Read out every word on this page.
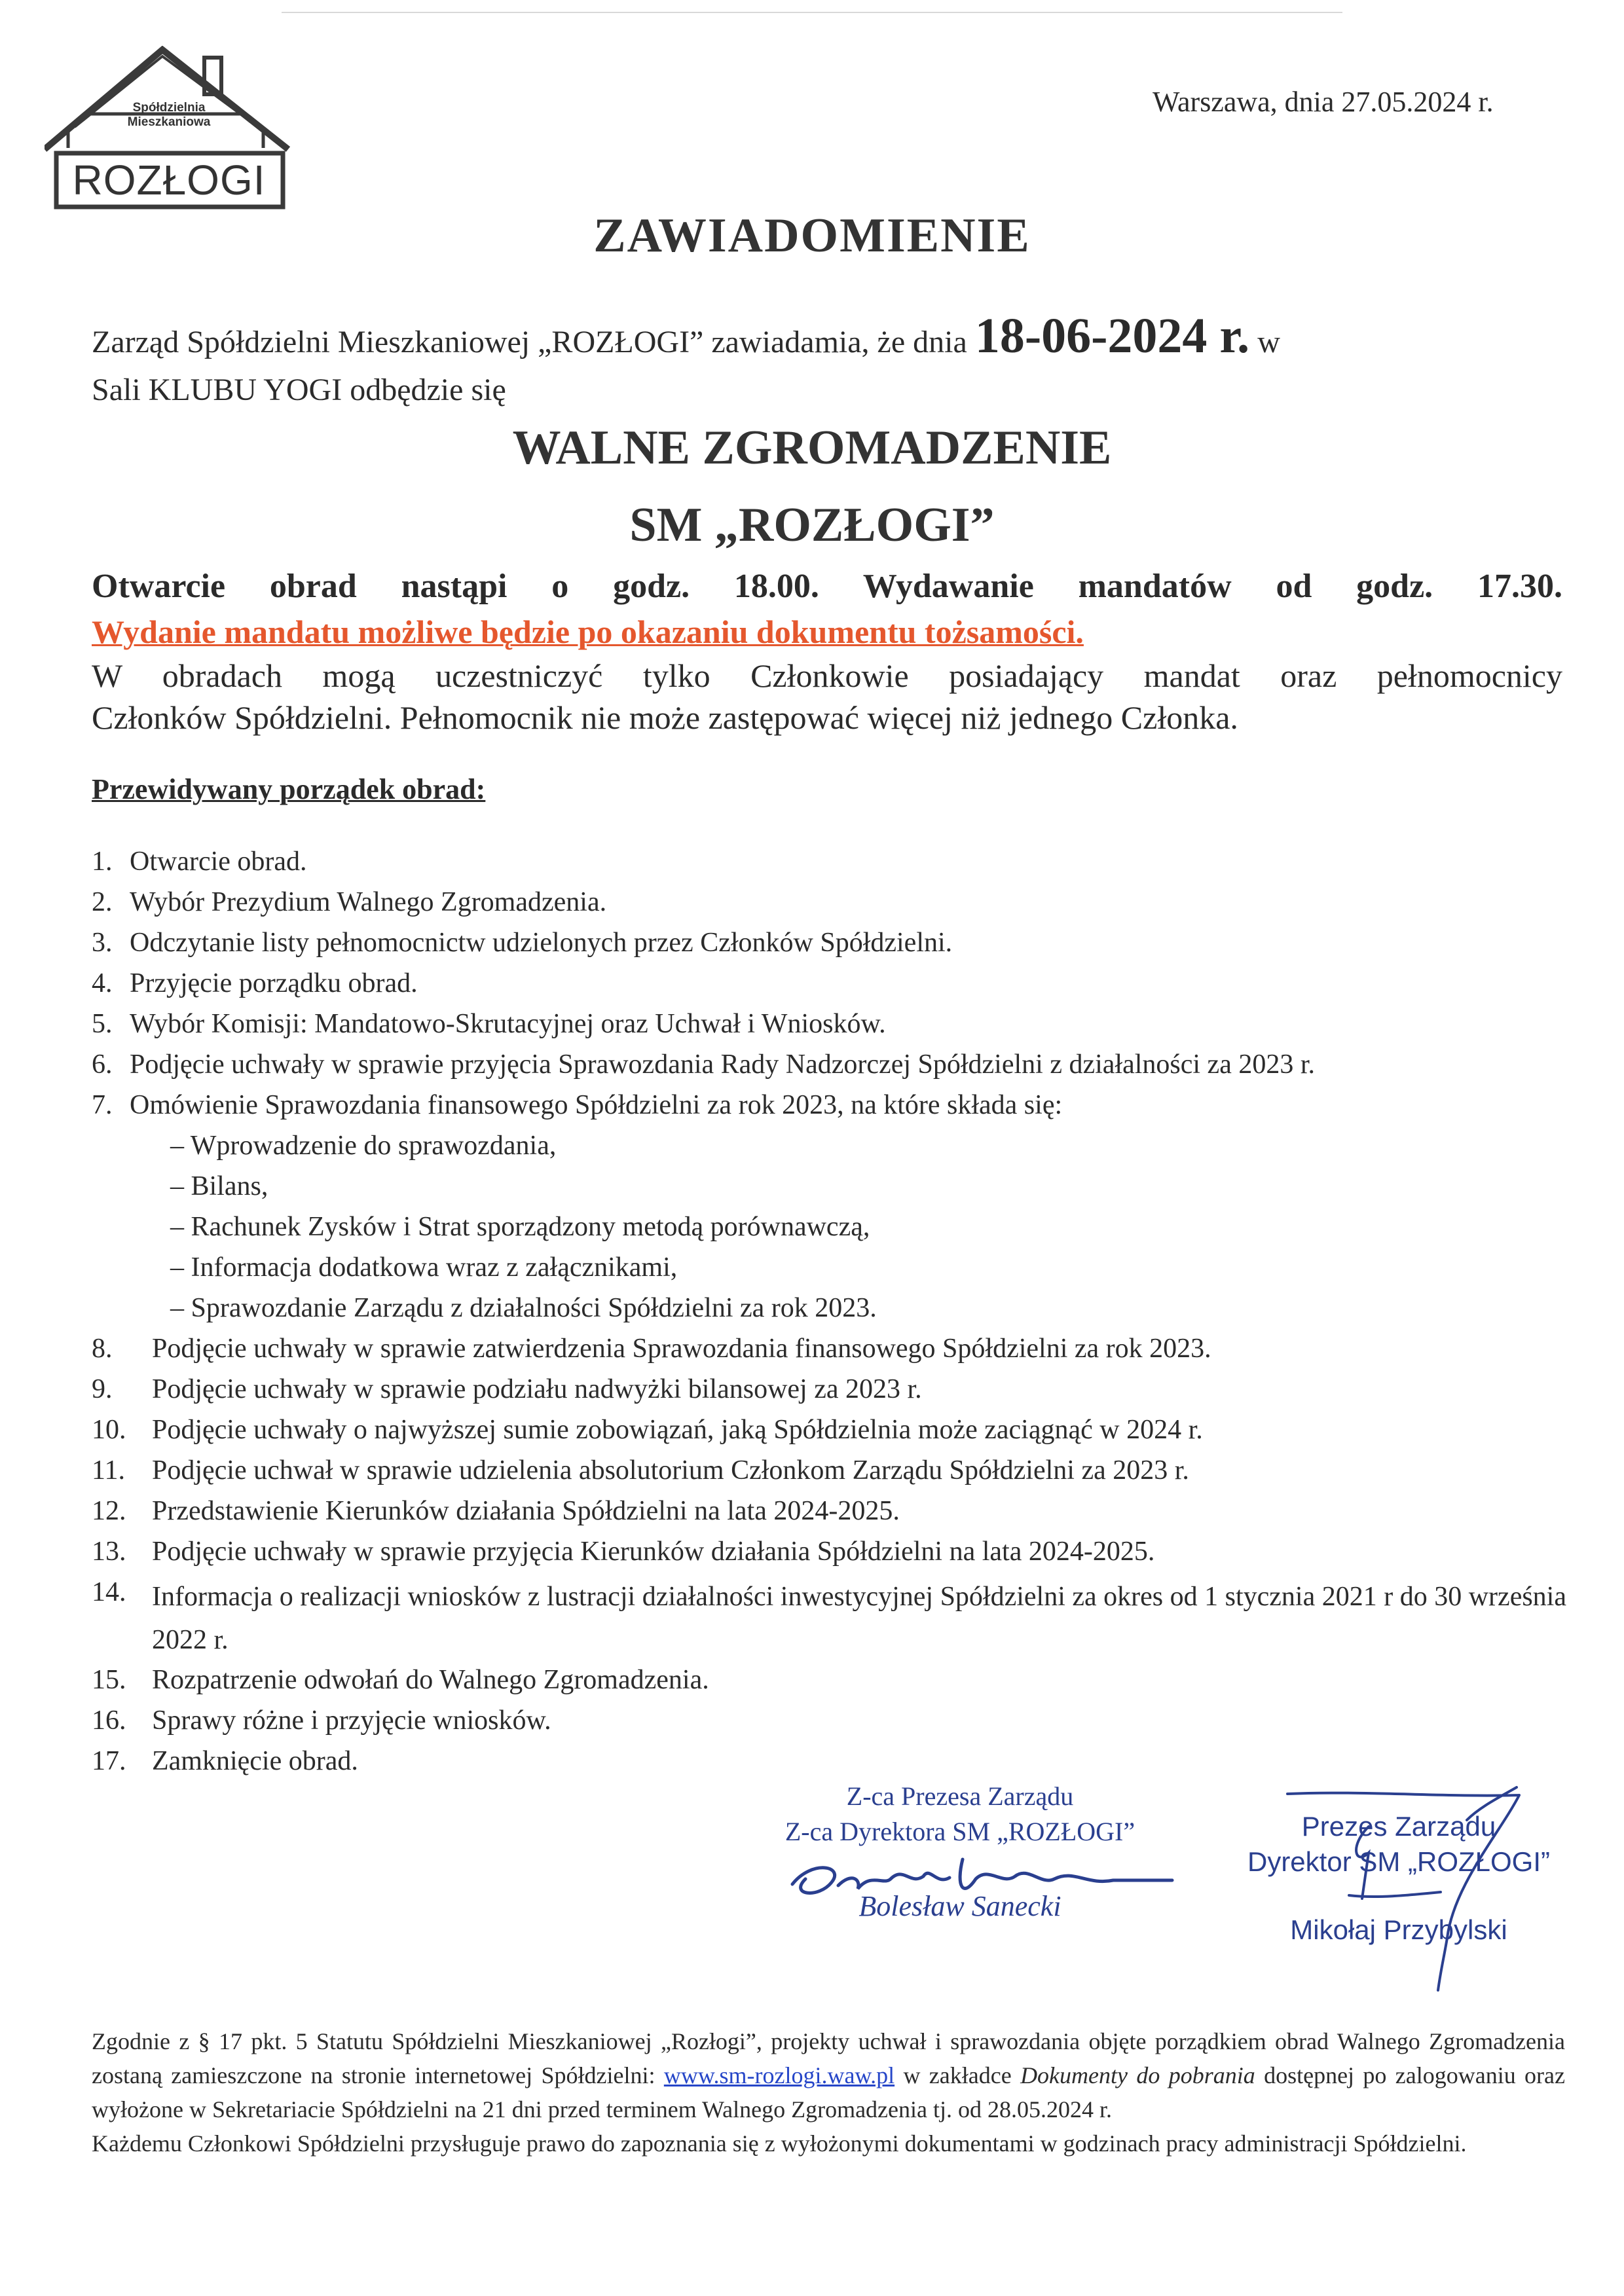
Spółdzielnia
Mieszkaniowa
ROZŁOGI
Warszawa, dnia 27.05.2024 r.
ZAWIADOMIENIE
Zarząd Spółdzielni Mieszkaniowej „ROZŁOGI” zawiadamia, że dnia 18-06-2024 r. w
Sali KLUBU YOGI odbędzie się
WALNE ZGROMADZENIE
SM „ROZŁOGI”
Otwarcie obrad nastąpi o godz. 18.00. Wydawanie mandatów od godz. 17.30.
Wydanie mandatu możliwe będzie po okazaniu dokumentu tożsamości.
W obradach mogą uczestniczyć tylko Członkowie posiadający mandat oraz pełnomocnicy
Członków Spółdzielni. Pełnomocnik nie może zastępować więcej niż jednego Członka.
Przewidywany porządek obrad:
1. Otwarcie obrad.
2. Wybór Prezydium Walnego Zgromadzenia.
3. Odczytanie listy pełnomocnictw udzielonych przez Członków Spółdzielni.
4. Przyjęcie porządku obrad.
5. Wybór Komisji: Mandatowo-Skrutacyjnej oraz Uchwał i Wniosków.
6. Podjęcie uchwały w sprawie przyjęcia Sprawozdania Rady Nadzorczej Spółdzielni z działalności za 2023 r.
7. Omówienie Sprawozdania finansowego Spółdzielni za rok 2023, na które składa się:
– Wprowadzenie do sprawozdania,
– Bilans,
– Rachunek Zysków i Strat sporządzony metodą porównawczą,
– Informacja dodatkowa wraz z załącznikami,
– Sprawozdanie Zarządu z działalności Spółdzielni za rok 2023.
8. Podjęcie uchwały w sprawie zatwierdzenia Sprawozdania finansowego Spółdzielni za rok 2023.
9. Podjęcie uchwały w sprawie podziału nadwyżki bilansowej za 2023 r.
10. Podjęcie uchwały o najwyższej sumie zobowiązań, jaką Spółdzielnia może zaciągnąć w 2024 r.
11. Podjęcie uchwał w sprawie udzielenia absolutorium Członkom Zarządu Spółdzielni za 2023 r.
12. Przedstawienie Kierunków działania Spółdzielni na lata 2024-2025.
13. Podjęcie uchwały w sprawie przyjęcia Kierunków działania Spółdzielni na lata 2024-2025.
14. Informacja o realizacji wniosków z lustracji działalności inwestycyjnej Spółdzielni za okres od 1 stycznia 2021 r do 30 września 2022 r.
15. Rozpatrzenie odwołań do Walnego Zgromadzenia.
16. Sprawy różne i przyjęcie wniosków.
17. Zamknięcie obrad.
Z-ca Prezesa Zarządu
Z-ca Dyrektora SM „ROZŁOGI”
Bolesław Sanecki
Prezes Zarządu
Dyrektor SM „ROZŁOGI”
Mikołaj Przybylski

Zgodnie z § 17 pkt. 5 Statutu Spółdzielni Mieszkaniowej „Rozłogi”, projekty uchwał i sprawozdania objęte porządkiem obrad Walnego Zgromadzenia zostaną zamieszczone na stronie internetowej Spółdzielni: www.sm-rozlogi.waw.pl w zakładce Dokumenty do pobrania dostępnej po zalogowaniu oraz wyłożone w Sekretariacie Spółdzielni na 21 dni przed terminem Walnego Zgromadzenia tj. od 28.05.2024 r.

Każdemu Członkowi Spółdzielni przysługuje prawo do zapoznania się z wyłożonymi dokumentami w godzinach pracy administracji Spółdzielni.
